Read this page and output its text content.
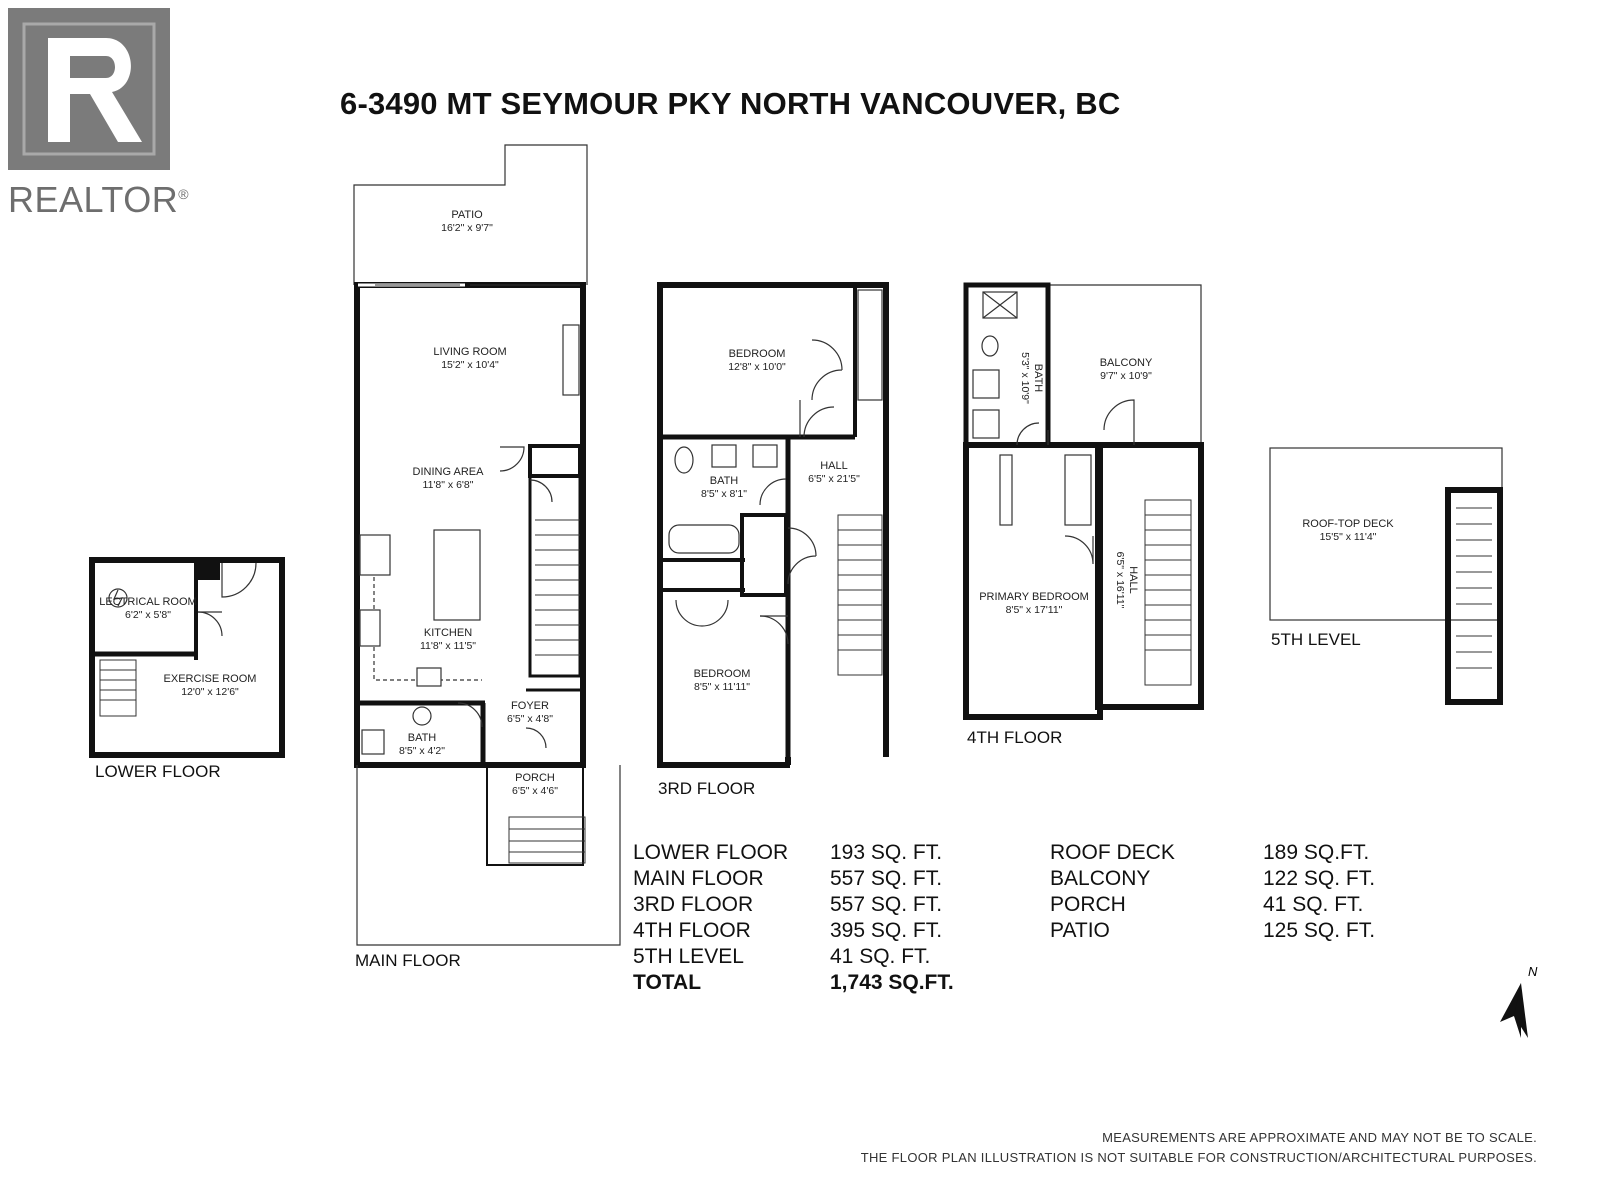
REALTOR®
6-3490 MT SEYMOUR PKY NORTH VANCOUVER, BC
LECTRICAL ROOM
6'2" x 5'8"
EXERCISE ROOM
12'0" x 12'6"
LOWER FLOOR
PATIO
16'2" x 9'7"
LIVING ROOM
15'2" x 10'4"
DINING AREA
11'8" x 6'8"
KITCHEN
11'8" x 11'5"
BATH
8'5" x 4'2"
FOYER
6'5" x 4'8"
PORCH
6'5" x 4'6"
MAIN FLOOR
BEDROOM
12'8" x 10'0"
BATH
8'5" x 8'1"
HALL
6'5" x 21'5"
BEDROOM
8'5" x 11'11"
3RD FLOOR
BATH
5'3" x 10'9"	BALCONY
9'7" x 10'9"
PRIMARY BEDROOM
8'5" x 17'11"
HALL
6'5" x 16'11"
4TH FLOOR
ROOF-TOP DECK
15'5" x 11'4"
5TH LEVEL
N
LOWER FLOOR 193 SQ. FT.
MAIN FLOOR	557 SQ. FT.
3RD FLOOR	557 SQ. FT.
4TH FLOOR	395 SQ. FT.
5TH LEVEL	41 SQ. FT.
TOTAL	1,743 SQ.FT.
ROOF DECK	189 SQ.FT.
BALCONY	122 SQ. FT.
PORCH	41 SQ. FT.
PATIO	125 SQ. FT.
MEASUREMENTS ARE APPROXIMATE AND MAY NOT BE TO SCALE.
THE FLOOR PLAN ILLUSTRATION IS NOT SUITABLE FOR CONSTRUCTION/ARCHITECTURAL PURPOSES.
